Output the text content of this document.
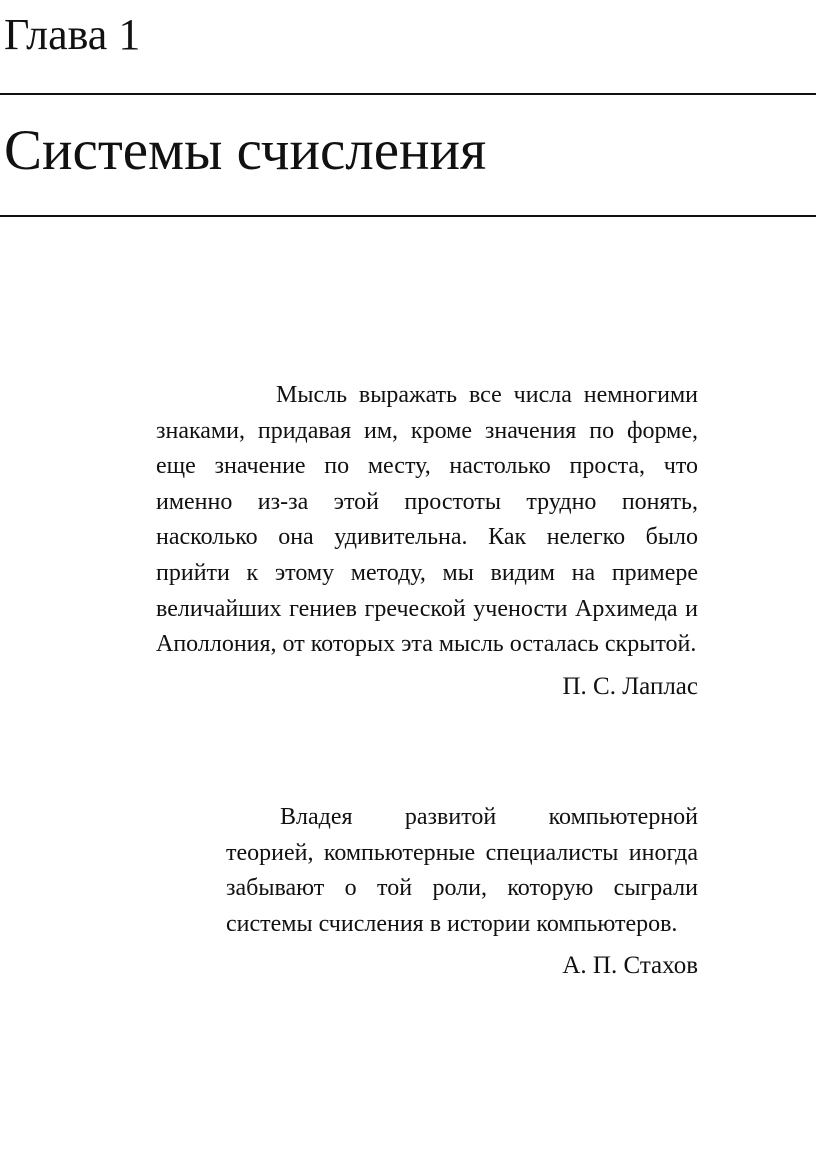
Глава 1
Системы счисления

Мысль выражать все числа немногими знаками, придавая им, кроме значения по форме, еще значение по месту, настолько проста, что именно из-за этой простоты трудно понять, насколько она удивительна. Как нелегко было прийти к этому методу, мы видим на примере величайших гениев греческой учености Архимеда и Аполлония, от которых эта мысль осталась скрытой.

П. С. Лаплас

Владея развитой компьютерной теорией, компьютерные специалисты иногда забывают о той роли, которую сыграли системы счисления в истории компьютеров.

А. П. Стахов
